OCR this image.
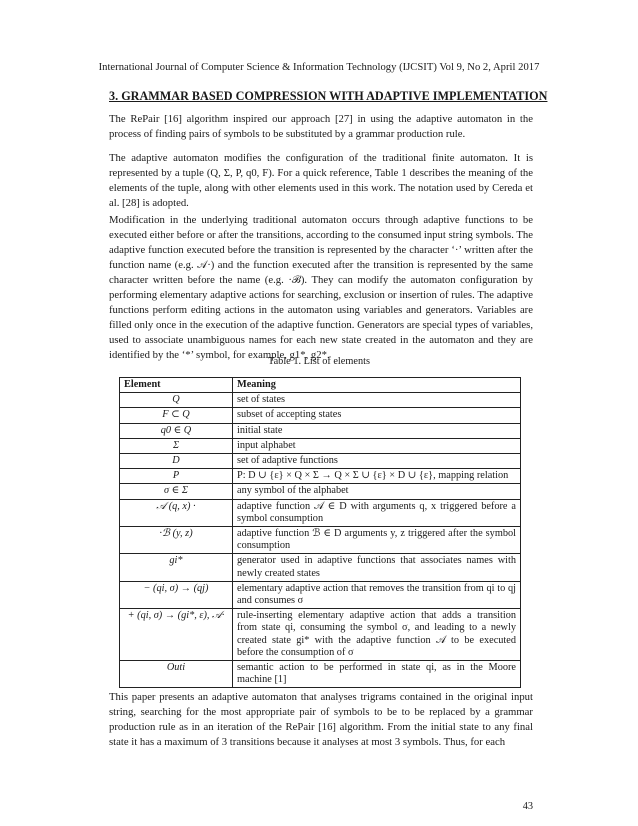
International Journal of Computer Science & Information Technology (IJCSIT) Vol 9, No 2, April 2017
3. GRAMMAR BASED COMPRESSION WITH ADAPTIVE IMPLEMENTATION

The RePair [16] algorithm inspired our approach [27] in using the adaptive automaton in the process of finding pairs of symbols to be substituted by a grammar production rule.

The adaptive automaton modifies the configuration of the traditional finite automaton. It is represented by a tuple (Q, Σ, P, q0, F). For a quick reference, Table 1 describes the meaning of the elements of the tuple, along with other elements used in this work. The notation used by Cereda et al. [28] is adopted.

Modification in the underlying traditional automaton occurs through adaptive functions to be executed either before or after the transitions, according to the consumed input string symbols. The adaptive function executed before the transition is represented by the character ‘·’ written after the function name (e.g. 𝒜·) and the function executed after the transition is represented by the same character written before the name (e.g. ·ℬ). They can modify the automaton configuration by performing elementary adaptive actions for searching, exclusion or insertion of rules. The adaptive functions perform editing actions in the automaton using variables and generators. Variables are filled only once in the execution of the adaptive function. Generators are special types of variables, used to associate unambiguous names for each new state created in the automaton and they are identified by the ‘*’ symbol, for example, g1*, g2*.

Table 1. List of elements
Element	Meaning
Q	set of states
F ⊂ Q	subset of accepting states
q0 ∈ Q	initial state
Σ	input alphabet
D	set of adaptive functions
P	P: D ∪ {ε} × Q × Σ → Q × Σ ∪ {ε} × D ∪ {ε}, mapping relation
σ ∈ Σ	any symbol of the alphabet
𝒜 (q, x) ·	adaptive function 𝒜 ∈ D with arguments q, x triggered before a symbol consumption
·ℬ (y, z)	adaptive function ℬ ∈ D arguments y, z triggered after the symbol consumption
gi*	generator used in adaptive functions that associates names with newly created states
− (qi, σ) → (qj)	elementary adaptive action that removes the transition from qi to qj and consumes σ
+ (qi, σ) → (gi*, ε), 𝒜·	rule-inserting elementary adaptive action that adds a transition from state qi, consuming the symbol σ, and leading to a newly created state gi* with the adaptive function 𝒜 to be executed before the consumption of σ
Outi	semantic action to be performed in state qi, as in the Moore machine [1]

This paper presents an adaptive automaton that analyses trigrams contained in the original input string, searching for the most appropriate pair of symbols to be to be replaced by a grammar production rule as in an iteration of the RePair [16] algorithm. From the initial state to any final state it has a maximum of 3 transitions because it analyses at most 3 symbols. Thus, for each

43
